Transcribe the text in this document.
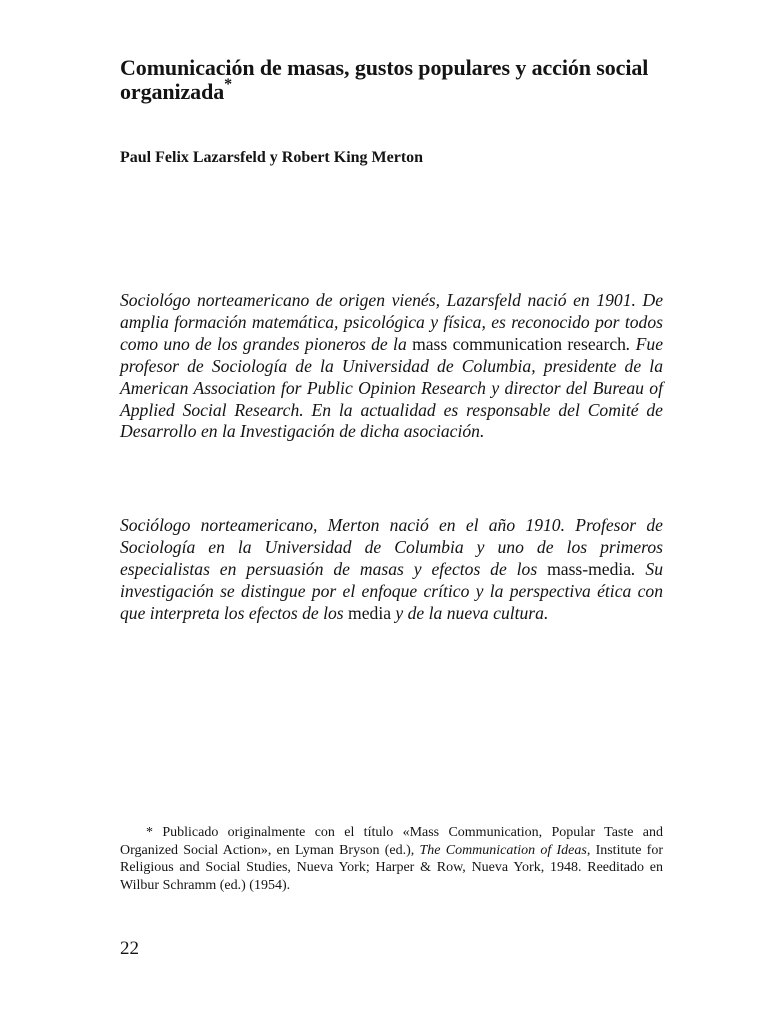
Comunicación de masas, gustos populares y acción social organizada*

Paul Felix Lazarsfeld y Robert King Merton

Sociológo norteamericano de origen vienés, Lazarsfeld nació en 1901. De amplia formación matemática, psicológica y física, es reconocido por todos como uno de los grandes pioneros de la mass communication research. Fue profesor de Sociología de la Universidad de Columbia, presidente de la American Association for Public Opinion Research y director del Bureau of Applied Social Research. En la actualidad es responsable del Comité de Desarrollo en la Investigación de dicha asociación.

Sociólogo norteamericano, Merton nació en el año 1910. Profesor de Sociología en la Universidad de Columbia y uno de los primeros especialistas en persuasión de masas y efectos de los mass-media. Su investigación se distingue por el enfoque crítico y la perspectiva ética con que interpreta los efectos de los media y de la nueva cultura.

* Publicado originalmente con el título «Mass Communication, Popular Taste and Organized Social Action», en Lyman Bryson (ed.), The Communication of Ideas, Institute for Religious and Social Studies, Nueva York; Harper & Row, Nueva York, 1948. Reeditado en Wilbur Schramm (ed.) (1954).

22
